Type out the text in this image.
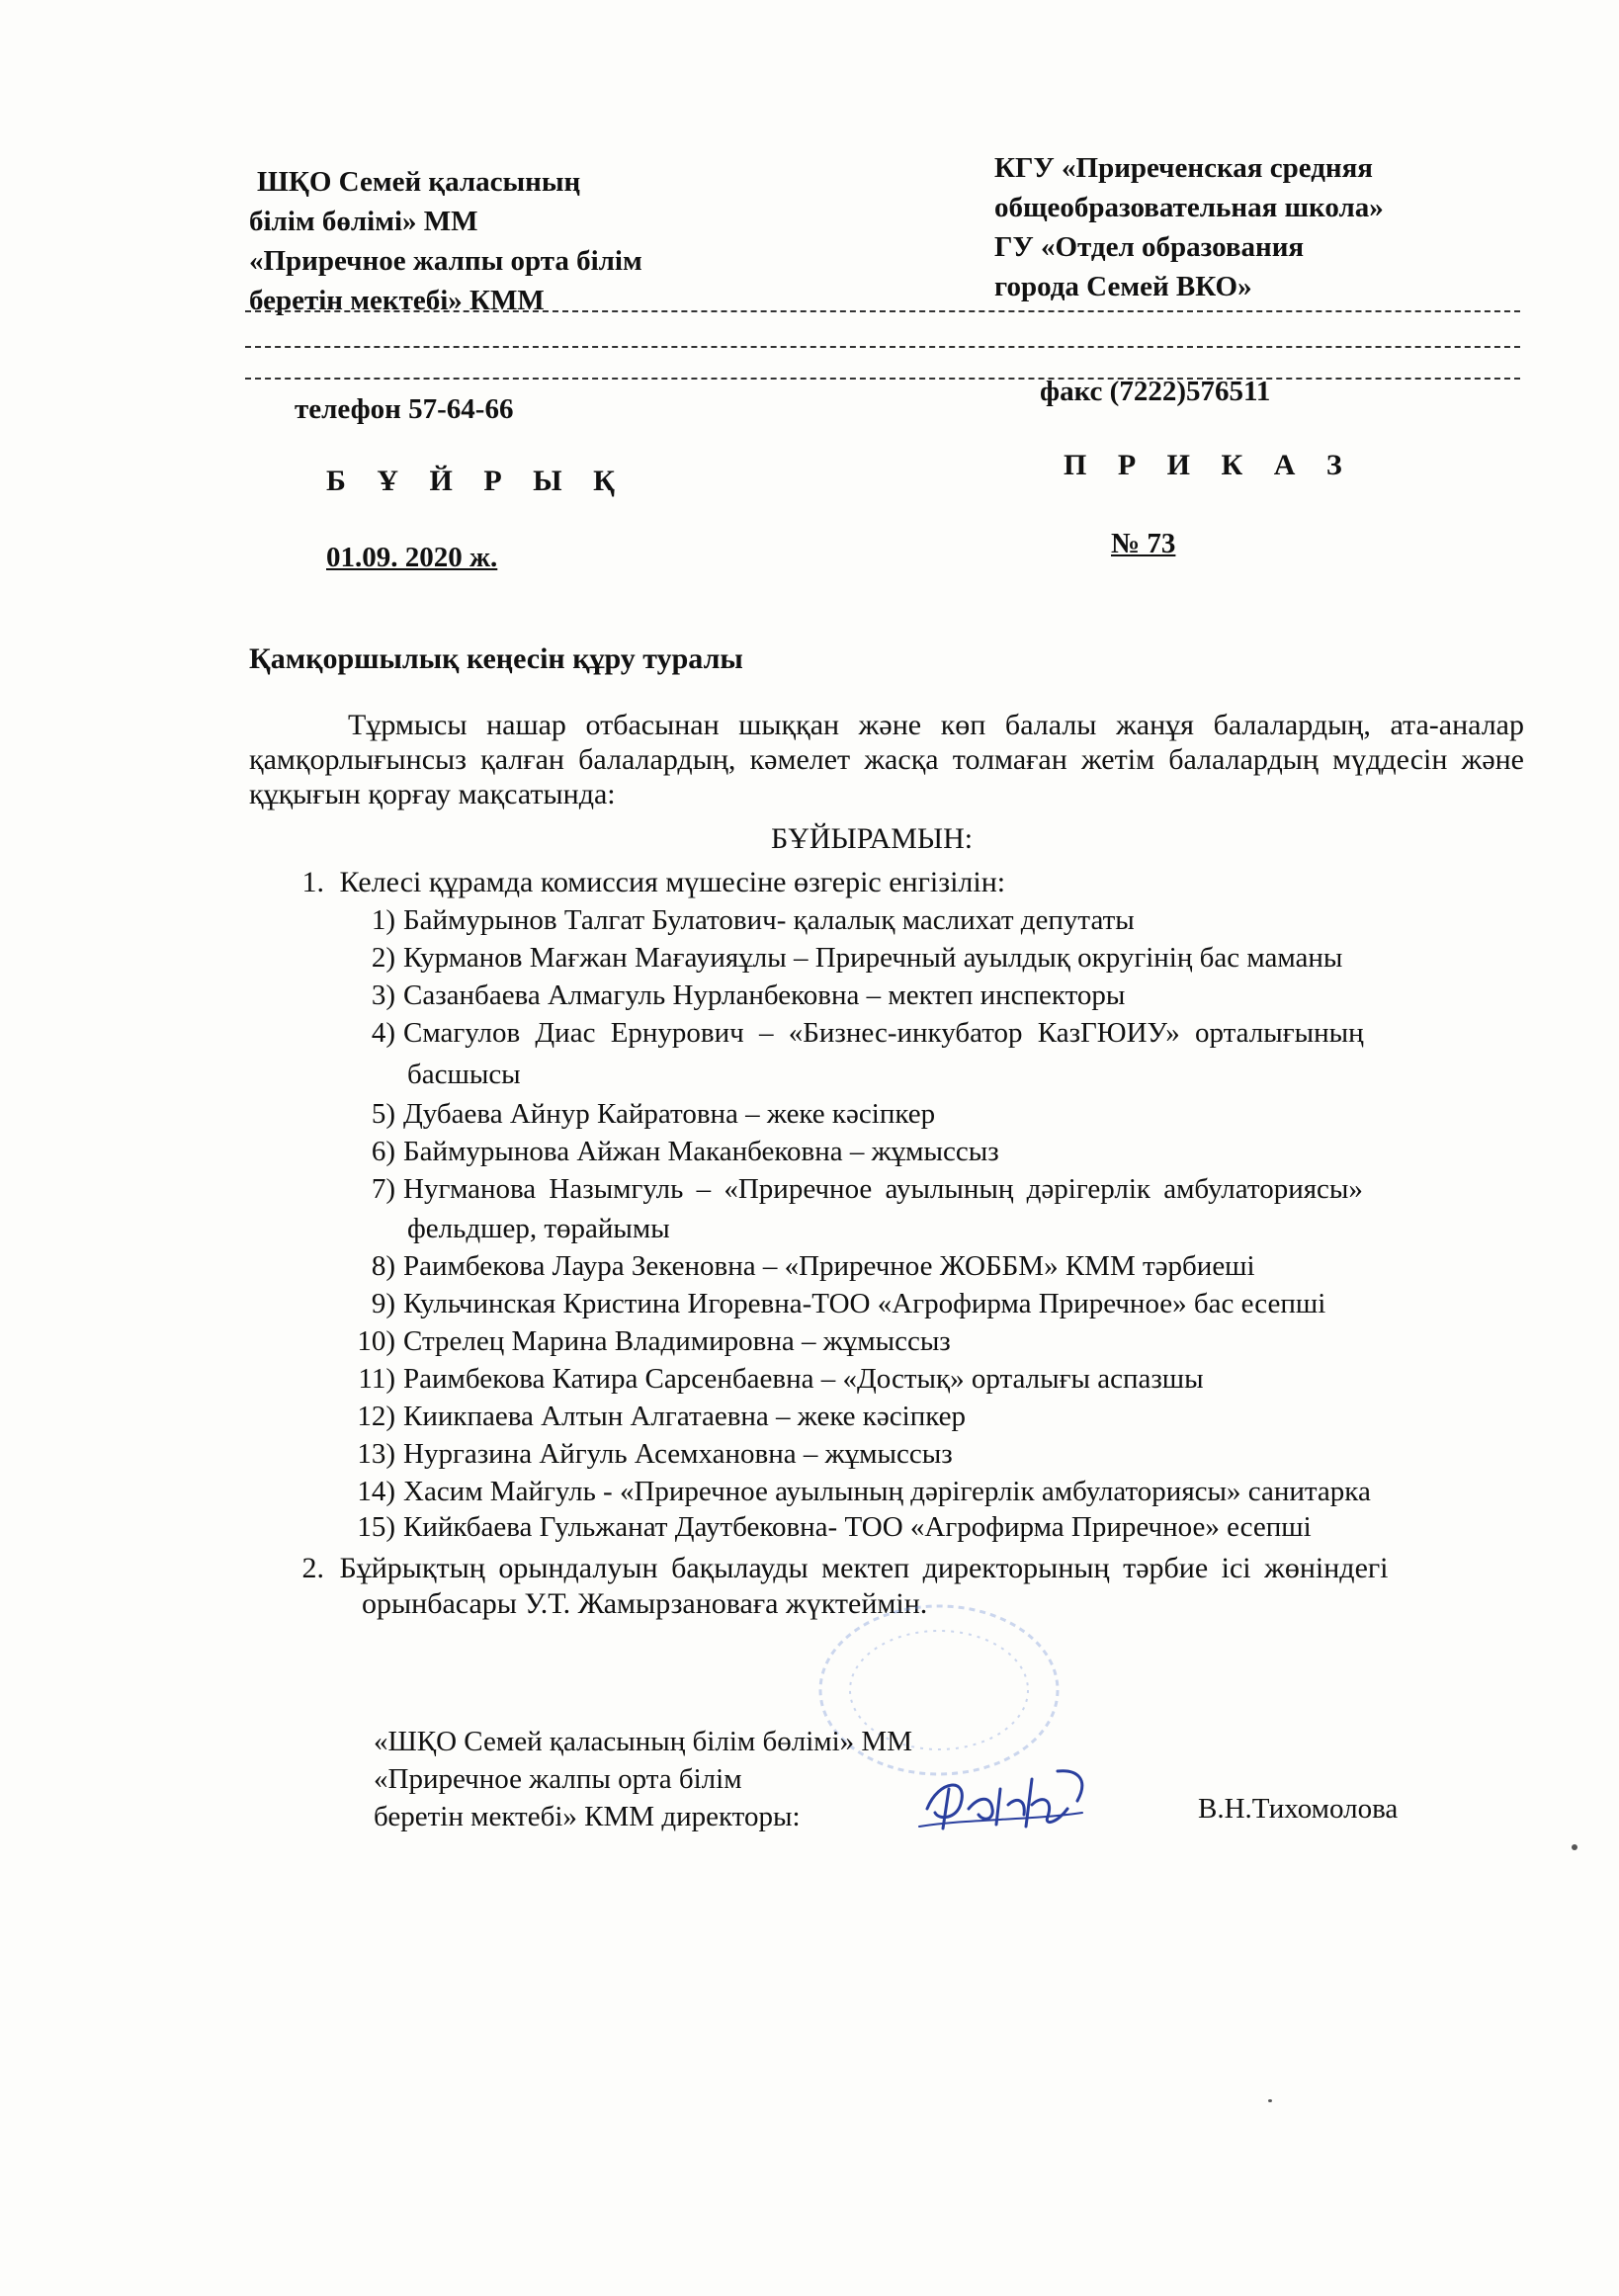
ШҚО Семей қаласының
білім бөлімі» ММ
«Приречное жалпы орта білім
беретін мектебі» КММ
КГУ «Приреченская средняя
общеобразовательная школа»
ГУ «Отдел образования
города Семей ВКО»
телефон 57-64-66
факс (7222)576511
Б Ұ Й Р Ы Қ	П Р И К А З
01.09. 2020 ж.	№ 73
Қамқоршылық кеңесін құру туралы
Тұрмысы нашар отбасынан шыққан және көп балалы жанұя балалардың, ата-аналар қамқорлығынсыз қалған балалардың, кәмелет жасқа толмаған жетім балалардың мүддесін және құқығын қорғау мақсатында:
БҰЙЫРАМЫН:
1. Келесі құрамда комиссия мүшесіне өзгеріс енгізілін:
1) Баймурынов Талгат Булатович- қалалық маслихат депутаты
2) Курманов Мағжан Мағауияұлы – Приречный ауылдық округінің бас маманы
3) Сазанбаева Алмагуль Нурланбековна – мектеп инспекторы
4) Смагулов Диас Ернурович – «Бизнес-инкубатор КазГЮИУ» орталығының
басшысы
5) Дубаева Айнур Кайратовна – жеке кәсіпкер
6) Баймурынова Айжан Маканбековна – жұмыссыз
7) Нугманова Назымгуль – «Приречное ауылының дәрігерлік амбулаториясы»
фельдшер, төрайымы
8) Раимбекова Лаура Зекеновна – «Приречное ЖОББМ» КММ тәрбиеші
9) Кульчинская Кристина Игоревна-ТОО «Агрофирма Приречное» бас есепші
10) Стрелец Марина Владимировна – жұмыссыз
11) Раимбекова Катира Сарсенбаевна – «Достық» орталығы аспазшы
12) Киикпаева Алтын Алгатаевна – жеке кәсіпкер
13) Нургазина Айгуль Асемхановна – жұмыссыз
14) Хасим Майгуль - «Приречное ауылының дәрігерлік амбулаториясы» санитарка
15) Кийкбаева Гульжанат Даутбековна- ТОО «Агрофирма Приречное» есепші
2. Бұйрықтың орындалуын бақылауды мектеп директорының тәрбие ісі жөніндегі
орынбасары У.Т. Жамырзановаға жүктеймін.
«ШҚО Семей қаласының білім бөлімі» ММ
«Приречное жалпы орта білім
беретін мектебі» КММ директоры:	В.Н.Тихомолова
